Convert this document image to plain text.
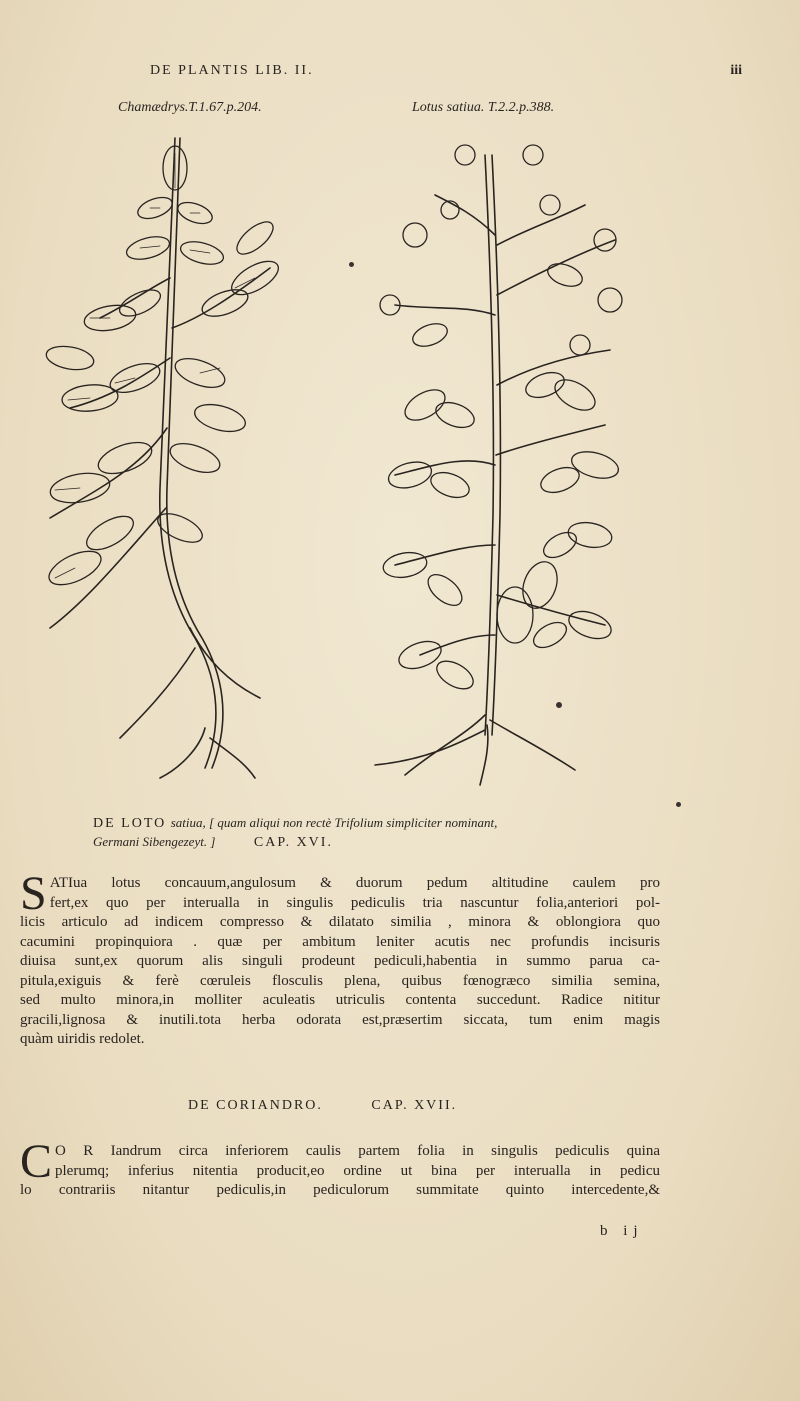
DE PLANTIS LIB. II.	iii
Chamædrys.T.1.67.p.204.	Lotus satiua. T.2.2.p.388.
DE LOTO satiua, [ quam aliqui non rectè Trifolium simpliciter nominant,
Germani Sibengezeyt. ]	CAP. XVI.
S ATIua lotus concauum,angulosum & duorum pedum altitudine caulem pro
fert,ex quo per interualla in singulis pediculis tria nascuntur folia,anteriori pol-
licis articulo ad indicem compresso & dilatato similia , minora & oblongiora quo
cacumini propinquiora . quæ per ambitum leniter acutis nec profundis incisuris
diuisa sunt,ex quorum alis singuli prodeunt pediculi,habentia in summo parua ca-
pitula,exiguis & ferè cœruleis flosculis plena, quibus fœnogræco similia semina,
sed multo minora,in molliter aculeatis utriculis contenta succedunt. Radice nititur
gracili,lignosa & inutili.tota herba odorata est,præsertim siccata, tum enim magis
quàm uiridis redolet.
DE CORIANDRO.	CAP. XVII.
C O R Iandrum circa inferiorem caulis partem folia in singulis pediculis quina
plerumq; inferius nitentia producit,eo ordine ut bina per interualla in pedicu
lo contrariis nitantur pediculis,in pediculorum summitate quinto intercedente,&
b ij
